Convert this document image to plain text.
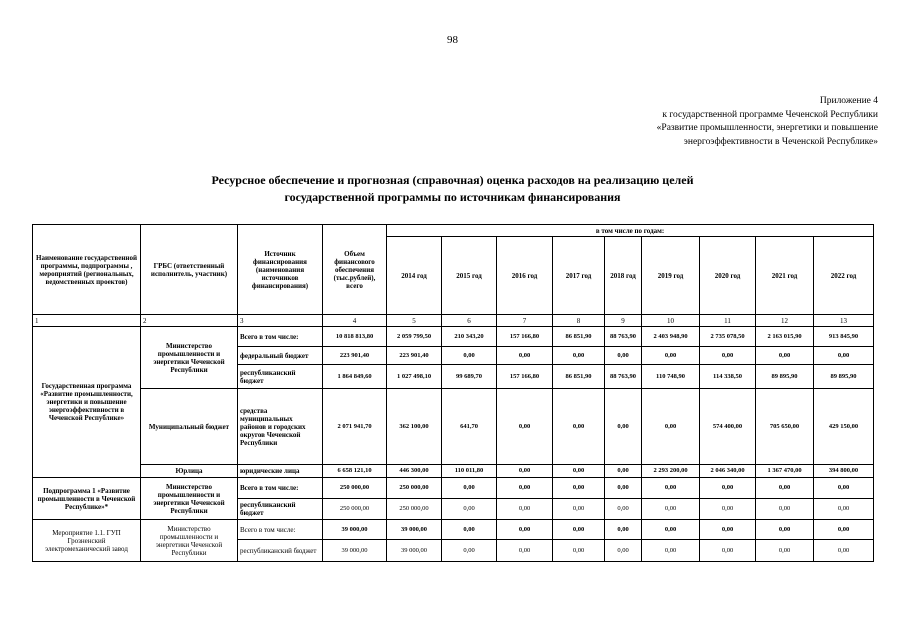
98
Приложение 4
к государственной программе Чеченской Республики
«Развитие промышленности, энергетики и повышение
энергоэффективности в Чеченской Республике»
Ресурсное обеспечение и прогнозная (справочная) оценка расходов на реализацию целей
государственной программы по источникам финансирования
Наименование государственной программы, подпрограммы , мероприятий (региональных, ведомственных проектов)	ГРБС (ответственный исполнитель, участник)	Источник финансирования (наименования источников финансирования)	Объем финансового обеспечения (тыс.рублей), всего	в том числе по годам:								
				2014 год	2015 год	2016 год	2017 год	2018 год	2019 год	2020 год	2021 год	2022 год
1	2	3	4	5	6	7	8	9	10	11	12	13
Государственная программа «Развитие промышленности, энергетики и повышение энергоэффективности в Чеченской Республике»	Министерство промышленности и энергетики Чеченской Республики	Всего в том числе:	10 818 813,80	2 059 799,50	210 343,20	157 166,80	86 851,90	88 763,90	2 403 948,90	2 735 078,50	2 163 015,90	913 845,90
		федеральный бюджет	223 901,40	223 901,40	0,00	0,00	0,00	0,00	0,00	0,00	0,00	0,00
		республиканский бюджет	1 864 849,60	1 027 498,10	99 689,70	157 166,80	86 851,90	88 763,90	110 748,90	114 338,50	89 895,90	89 895,90
	Муниципальный бюджет	средства муниципальных районов и городских округов Чеченской Республики	2 071 941,70	362 100,00	641,70	0,00	0,00	0,00	0,00	574 400,00	705 650,00	429 150,00
	Юрлица	юридические лица	6 658 121,10	446 300,00	110 011,80	0,00	0,00	0,00	2 293 200,00	2 046 340,00	1 367 470,00	394 800,00
Подпрограмма 1 «Развитие промышленности в Чеченской Республике»*	Министерство промышленности и энергетики Чеченской Республики	Всего в том числе:	250 000,00	250 000,00	0,00	0,00	0,00	0,00	0,00	0,00	0,00	0,00
		республиканский бюджет	250 000,00	250 000,00	0,00	0,00	0,00	0,00	0,00	0,00	0,00	0,00
Мероприятие 1.1. ГУП Грозненский электромеханический завод	Министерство промышленности и энергетики Чеченской Республики	Всего в том числе:	39 000,00	39 000,00	0,00	0,00	0,00	0,00	0,00	0,00	0,00	0,00
		республиканский бюджет	39 000,00	39 000,00	0,00	0,00	0,00	0,00	0,00	0,00	0,00	0,00
